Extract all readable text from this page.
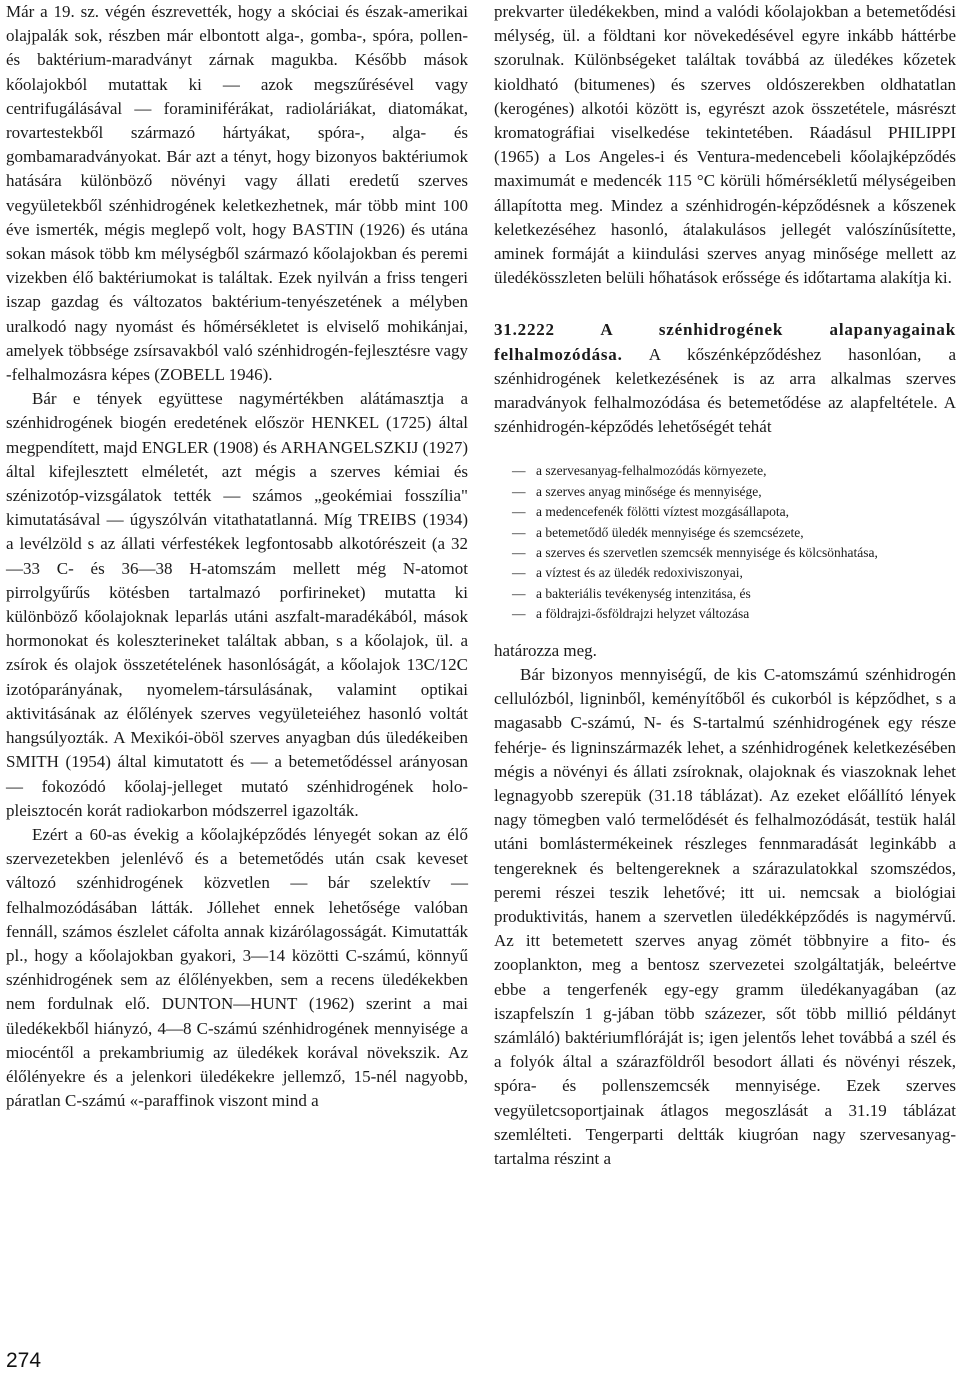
Már a 19. sz. végén észrevették, hogy a skóciai és észak-amerikai olajpalák sok, részben már elbontott alga-, gomba-, spóra, pollen- és baktérium-maradványt zárnak magukba. Később mások kőolajokból mutattak ki — azok megszűrésével vagy centrifugálásával — foraminiférákat, radioláriákat, diatomákat, rovartestekből származó hártyákat, spóra-, alga- és gombamaradványokat. Bár azt a tényt, hogy bizonyos baktériumok hatására különböző növényi vagy állati eredetű szerves vegyületekből szénhidrogének keletkezhetnek, már több mint 100 éve ismerték, mégis meglepő volt, hogy BASTIN (1926) és utána sokan mások több km mélységből származó kőolajokban és peremi vizekben élő baktériumokat is találtak. Ezek nyilván a friss tengeri iszap gazdag és változatos baktérium-tenyészetének a mélyben uralkodó nagy nyomást és hőmérsékletet is elviselő mohikánjai, amelyek többsége zsírsavakból való szénhidrogén-fejlesztésre vagy -felhalmozásra képes (ZOBELL 1946).

Bár e tények együttese nagymértékben alátámasztja a szénhidrogének biogén eredetének először HENKEL (1725) által megpendített, majd ENGLER (1908) és ARHANGELSZKIJ (1927) által kifejlesztett elméletét, azt mégis a szerves kémiai és szénizotóp-vizsgálatok tették — számos „geokémiai fosszília" kimutatásával — úgyszólván vitathatatlanná. Míg TREIBS (1934) a levélzöld s az állati vérfestékek legfontosabb alkotórészeit (a 32—33 C- és 36—38 H-atomszám mellett még N-atomot pirrolgyűrűs kötésben tartalmazó porfirineket) mutatta ki különböző kőolajoknak leparlás utáni aszfalt-maradékából, mások hormonokat és koleszterineket találtak abban, s a kőolajok, ül. a zsírok és olajok összetételének hasonlóságát, a kőolajok 13C/12C izotóparányának, nyomelem-társulásának, valamint optikai aktivitásának az élőlények szerves vegyületeiéhez hasonló voltát hangsúlyozták. A Mexikói-öböl szerves anyagban dús üledékeiben SMITH (1954) által kimutatott és — a betemetődéssel arányosan — fokozódó kőolaj-jelleget mutató szénhidrogének holo-pleisztocén korát radiokarbon módszerrel igazolták.

Ezért a 60-as évekig a kőolajképződés lényegét sokan az élő szervezetekben jelenlévő és a betemetődés után csak keveset változó szénhidrogének közvetlen — bár szelektív —felhalmozódásában látták. Jóllehet ennek lehetősége valóban fennáll, számos észlelet cáfolta annak kizárólagosságát. Kimutatták pl., hogy a kőolajokban gyakori, 3—14 közötti C-számú, könnyű szénhidrogének sem az élőlényekben, sem a recens üledékekben nem fordulnak elő. DUNTON—HUNT (1962) szerint a mai üledékekből hiányzó, 4—8 C-számú szénhidrogének mennyisége a miocéntől a prekambriumig az üledékek korával növekszik. Az élőlényekre és a jelenkori üledékekre jellemző, 15-nél nagyobb, páratlan C-számú «-paraffinok viszont mind a

prekvarter üledékekben, mind a valódi kőolajokban a betemetődési mélység, ül. a földtani kor növekedésével egyre inkább háttérbe szorulnak. Különbségeket találtak továbbá az üledékes kőzetek kioldható (bitumenes) és szerves oldószerekben oldhatatlan (kerogénes) alkotói között is, egyrészt azok összetétele, másrészt kromatográfiai viselkedése tekintetében. Ráadásul PHILIPPI (1965) a Los Angeles-i és Ventura-medencebeli kőolajképződés maximumát e medencék 115 °C körüli hőmérsékletű mélységeiben állapította meg. Mindez a szénhidrogén-képződésnek a kőszenek keletkezéséhez hasonló, átalakulásos jellegét valószínűsítette, aminek formáját a kiindulási szerves anyag minősége mellett az üledékösszleten belüli hőhatások erőssége és időtartama alakítja ki.

31.2222 A szénhidrogének alapanyagainak felhalmozódása. A kőszénképződéshez hasonlóan, a szénhidrogének keletkezésének is az arra alkalmas szerves maradványok felhalmozódása és betemetődése az alapfeltétele. A szénhidrogén-képződés lehetőségét tehát

— a szervesanyag-felhalmozódás környezete,
— a szerves anyag minősége és mennyisége,
— a medencefenék fölötti víztest mozgásállapota,
— a betemetődő üledék mennyisége és szemcsézete,
— a szerves és szervetlen szemcsék mennyisége és kölcsönhatása,
— a víztest és az üledék redoxiviszonyai,
— a bakteriális tevékenység intenzitása, és
— a földrajzi-ősföldrajzi helyzet változása

határozza meg.

Bár bizonyos mennyiségű, de kis C-atomszámú szénhidrogén cellulózból, ligninből, keményítőből és cukorból is képződhet, s a magasabb C-számú, N- és S-tartalmú szénhidrogének egy része fehérje- és ligninszármazék lehet, a szénhidrogének keletkezésében mégis a növényi és állati zsíroknak, olajoknak és viaszoknak lehet legnagyobb szerepük (31.18 táblázat). Az ezeket előállító lények nagy tömegben való termelődését és felhalmozódását, testük halál utáni bomlástermékeinek részleges fennmaradását leginkább a tengereknek és beltengereknek a szárazulatokkal szomszédos, peremi részei teszik lehetővé; itt ui. nemcsak a biológiai produktivitás, hanem a szervetlen üledékképződés is nagymérvű. Az itt betemetett szerves anyag zömét többnyire a fito- és zooplankton, meg a bentosz szervezetei szolgáltatják, beleértve ebbe a tengerfenék egy-egy gramm üledékanyagában (az iszapfelszín 1 g-jában több százezer, sőt több millió példányt számláló) baktériumflóráját is; igen jelentős lehet továbbá a szél és a folyók által a szárazföldről besodort állati és növényi részek, spóra- és pollenszemcsék mennyisége. Ezek szerves vegyületcsoportjainak átlagos megoszlását a 31.19 táblázat szemlélteti. Tengerparti deltták kiugróan nagy szervesanyag-tartalma részint a

274
